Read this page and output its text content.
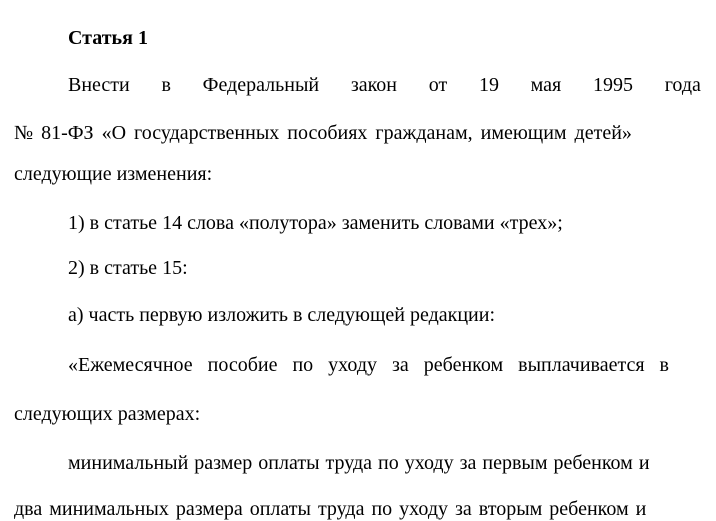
Статья 1
Внести в Федеральный закон от 19 мая 1995 года
№ 81-ФЗ «О государственных пособиях гражданам, имеющим детей»
следующие изменения:
1) в статье 14 слова «полутора» заменить словами «трех»;
2) в статье 15:
а) часть первую изложить в следующей редакции:
«Ежемесячное пособие по уходу за ребенком выплачивается в
следующих размерах:
минимальный размер оплаты труда по уходу за первым ребенком и
два минимальных размера оплаты труда по уходу за вторым ребенком и
